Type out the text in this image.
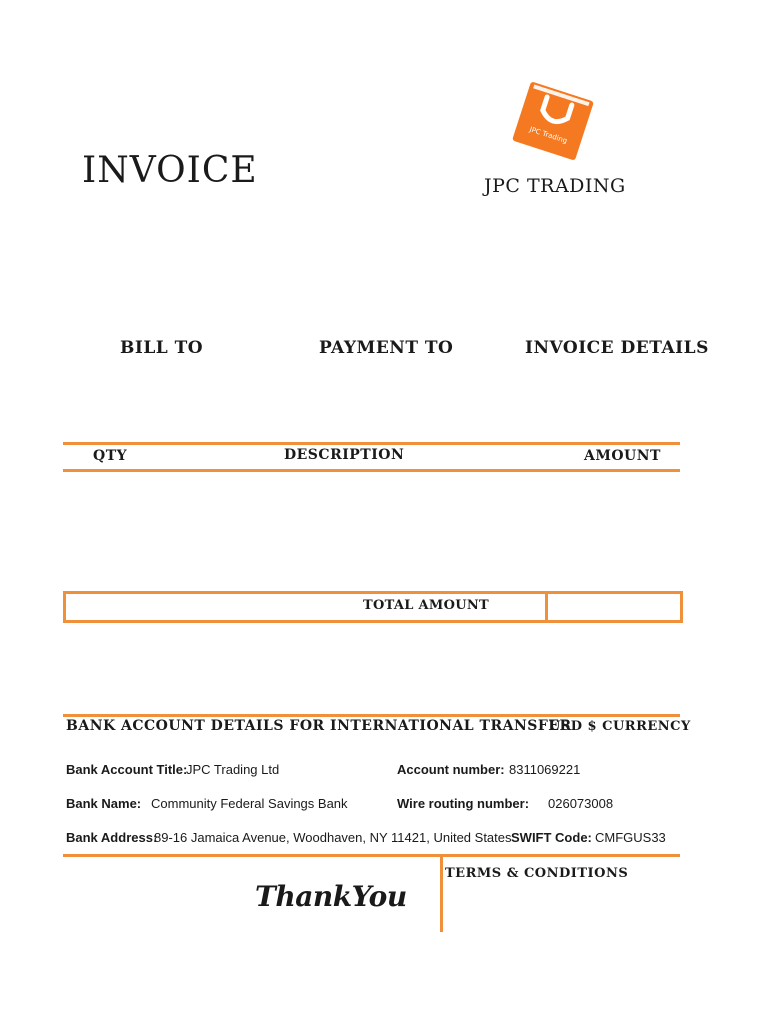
INVOICE
JPC Trading
JPC TRADING
BILL TO	PAYMENT TO	INVOICE DETAILS
QTY	DESCRIPTION	AMOUNT
TOTAL AMOUNT
BANK ACCOUNT DETAILS FOR INTERNATIONAL TRANSFER
USD $ CURRENCY
Bank Account Title:
JPC Trading Ltd	Account number: 8311069221
Bank Name: Community Federal Savings Bank	Wire routing number: 026073008
Bank Address:
89-16 Jamaica Avenue, Woodhaven, NY 11421, United States SWIFT Code: CMFGUS33
ThankYou
TERMS & CONDITIONS
